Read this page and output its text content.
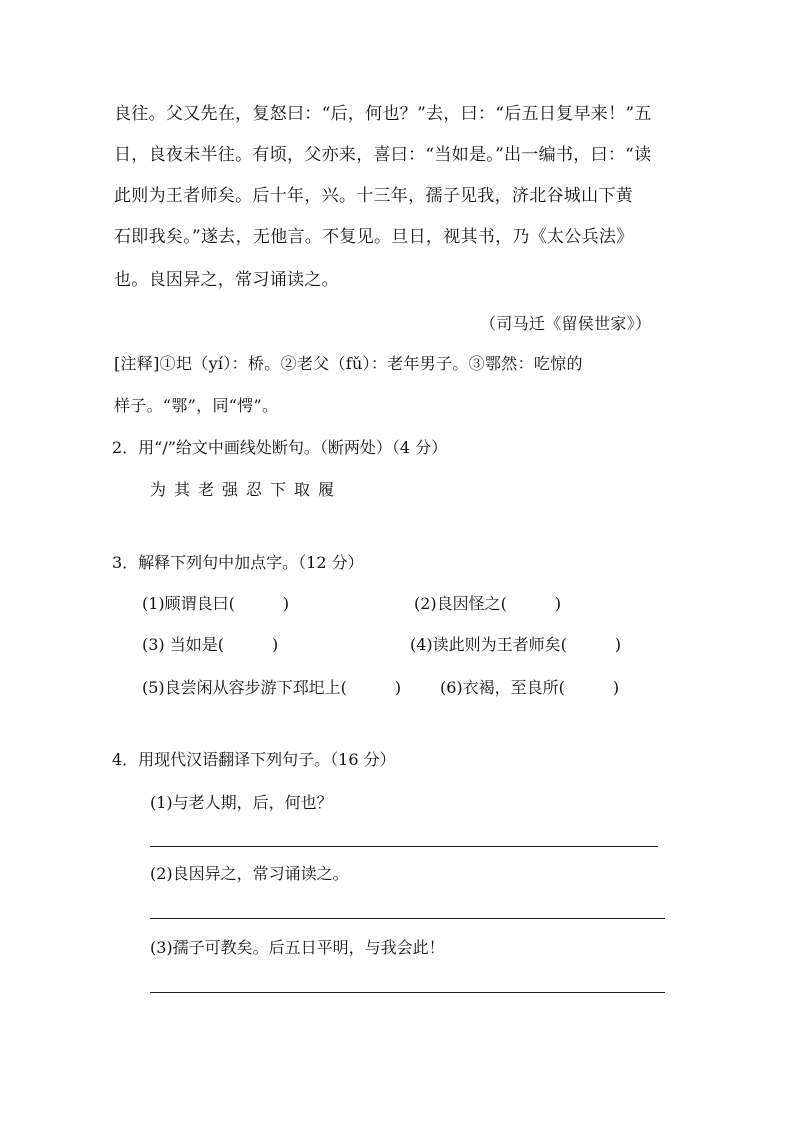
良往。父又先在，复怒曰：“后，何也？”去，曰：“后五日复早来！”五
日，良夜未半往。有顷，父亦来，喜曰：“当如是。”出一编书，曰：“读
此则为王者师矣。后十年，兴。十三年，孺子见我，济北谷城山下黄
石即我矣。”遂去，无他言。不复见。旦日，视其书，乃《太公兵法》
也。良因异之，常习诵读之。
（司马迁《留侯世家》）
[注释]①圯（yí）：桥。②老父（fǔ）：老年男子。③鄂然：吃惊的
样子。“鄂”，同“愕”。
2．用“/”给文中画线处断句。（断两处）（4 分）
为其老强忍下取履
3．解释下列句中加点字。（12 分）
(1)顾谓良曰(　　　)	(2)良因怪之(　　　)
(3) 当如是(　　　)	(4)读此则为王者师矣(　　　)
(5)良尝闲从容步游下邳圯上(　　　) (6)衣褐，至良所(　　　)
4．用现代汉语翻译下列句子。（16 分）
(1)与老人期，后，何也？
(2)良因异之，常习诵读之。
(3)孺子可教矣。后五日平明，与我会此！
